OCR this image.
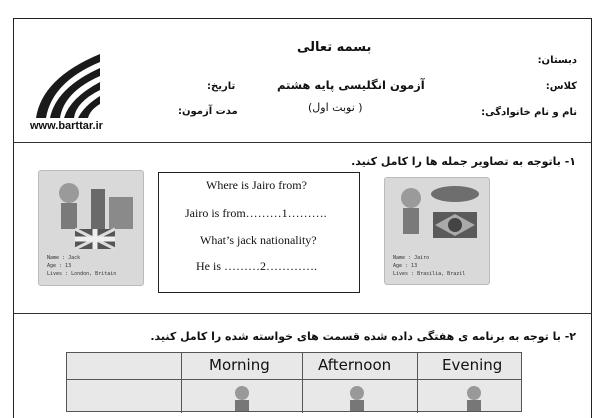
بسمه تعالی
آزمون انگلیسی پایه هشتم
( نوبت اول)
دبستان:
کلاس:
نام و نام خانوادگی:
تاریخ:
مدت آزمون:
www.barttar.ir
۱- باتوجه به تصاویر جمله ها را کامل کنید.
Name : Jack
Age : 13
Lives : London, Britain
Where is Jairo from?
Jairo is from………1……….
What’s jack nationality?
He is ………2………….
Name : Jairo
Age : 13
Lives : Brasilia, Brazil
۲- با توجه به برنامه ی هفتگی داده شده قسمت های خواسته شده را کامل کنید.
Morning	Afternoon	Evening
